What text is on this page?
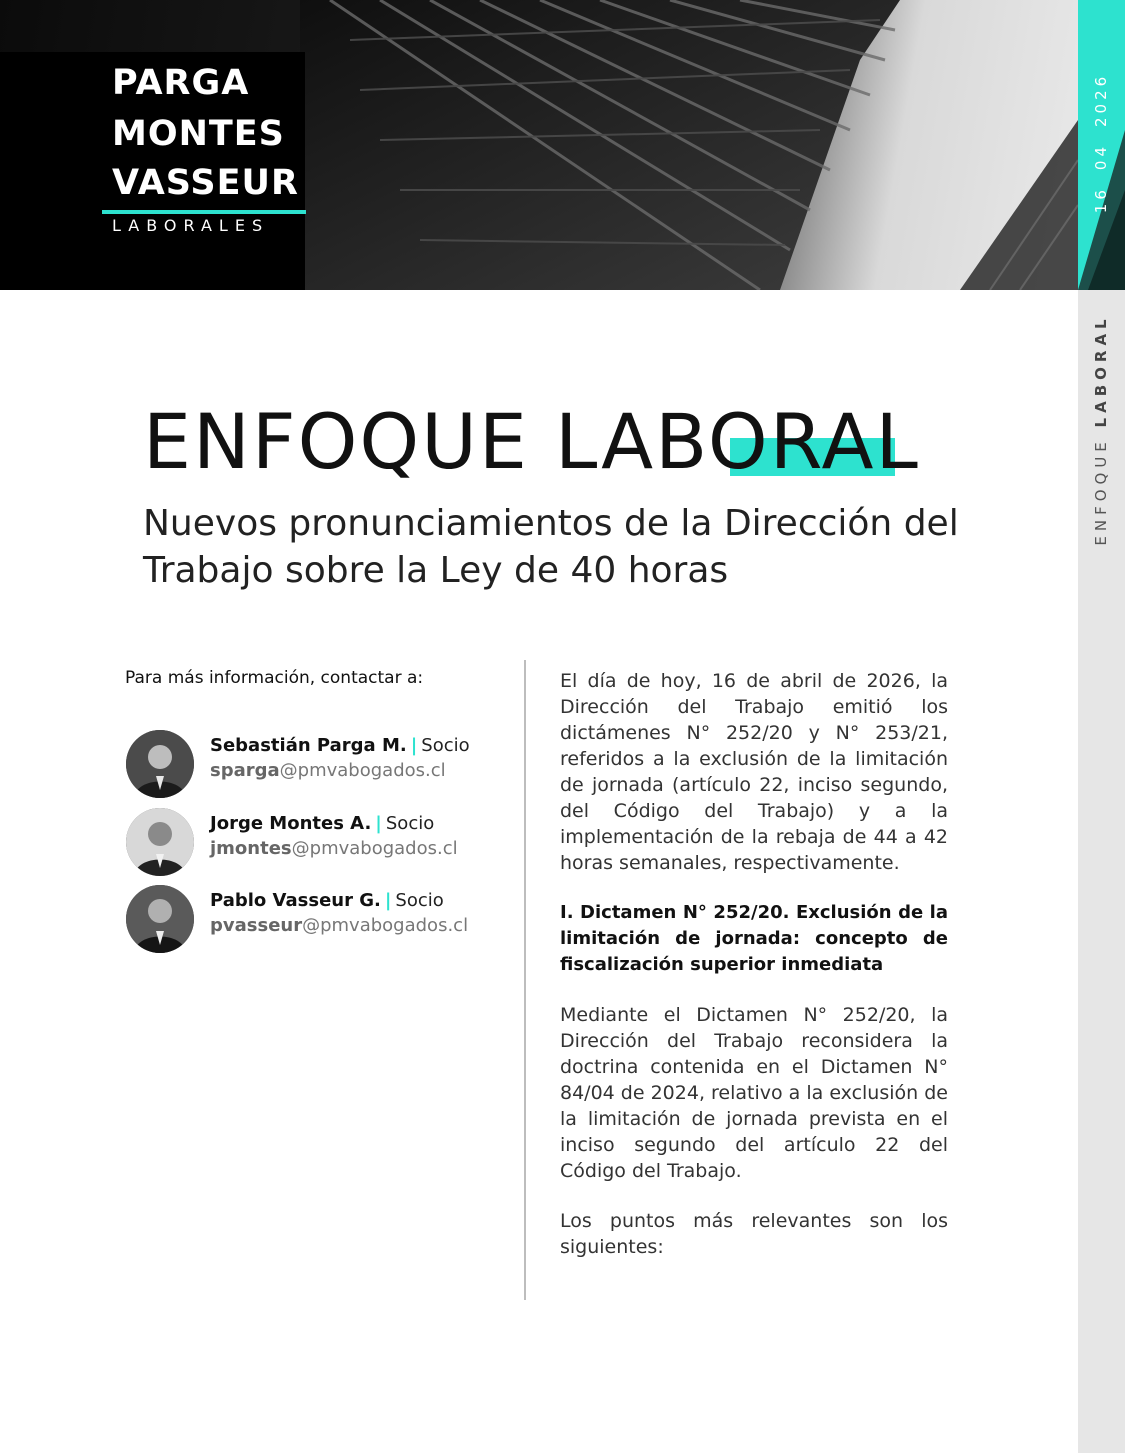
PARGA
MONTES
VASSEUR
LABORALES
16042026
ENFOQUE LABORAL
ENFOQUE LABORAL
Nuevos pronunciamientos de la Dirección del Trabajo sobre la Ley de 40 horas
Para más información, contactar a:
Sebastián Parga M. | Socio
sparga@pmvabogados.cl
Jorge Montes A. | Socio
jmontes@pmvabogados.cl
Pablo Vasseur G. | Socio
pvasseur@pmvabogados.cl

El día de hoy, 16 de abril de 2026, la Dirección del Trabajo emitió los dictámenes N° 252/20 y N° 253/21, referidos a la exclusión de la limitación de jornada (artículo 22, inciso segundo, del Código del Trabajo) y a la implementación de la rebaja de 44 a 42 horas semanales, respectivamente.

I. Dictamen N° 252/20. Exclusión de la limitación de jornada: concepto de fiscalización superior inmediata

Mediante el Dictamen N° 252/20, la Dirección del Trabajo reconsidera la doctrina contenida en el Dictamen N° 84/04 de 2024, relativo a la exclusión de la limitación de jornada prevista en el inciso segundo del artículo 22 del Código del Trabajo.

Los puntos más relevantes son los siguientes:
